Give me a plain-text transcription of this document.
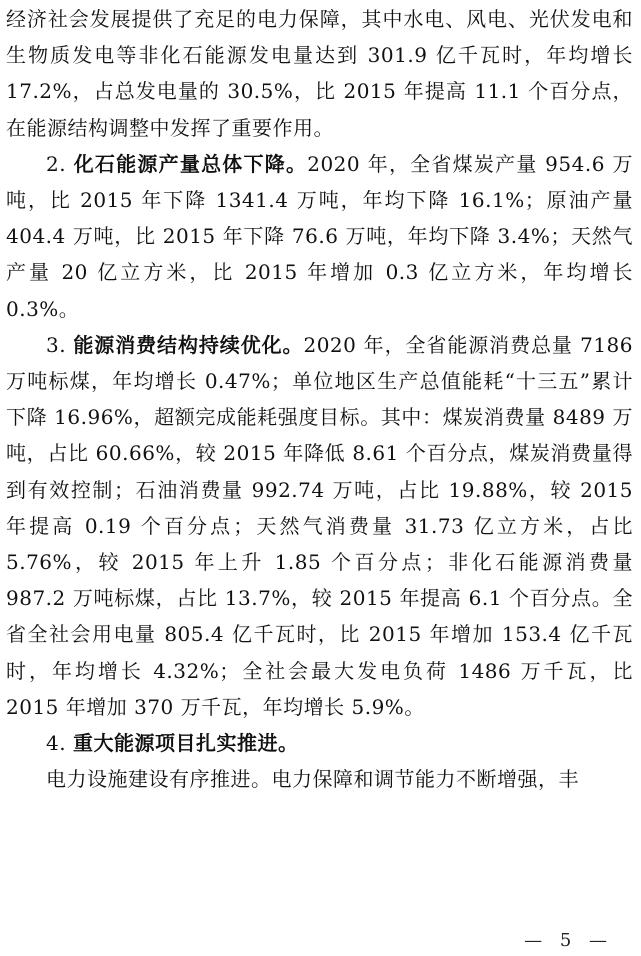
经济社会发展提供了充足的电力保障，其中水电、风电、光伏发电和生物质发电等非化石能源发电量达到 301.9 亿千瓦时，年均增长 17.2%，占总发电量的 30.5%，比 2015 年提高 11.1 个百分点，在能源结构调整中发挥了重要作用。

2. 化石能源产量总体下降。2020 年，全省煤炭产量 954.6 万吨，比 2015 年下降 1341.4 万吨，年均下降 16.1%；原油产量 404.4 万吨，比 2015 年下降 76.6 万吨，年均下降 3.4%；天然气产量 20 亿立方米，比 2015 年增加 0.3 亿立方米，年均增长 0.3%。

3. 能源消费结构持续优化。2020 年，全省能源消费总量 7186 万吨标煤，年均增长 0.47%；单位地区生产总值能耗“十三五”累计下降 16.96%，超额完成能耗强度目标。其中：煤炭消费量 8489 万吨，占比 60.66%，较 2015 年降低 8.61 个百分点，煤炭消费量得到有效控制；石油消费量 992.74 万吨，占比 19.88%，较 2015 年提高 0.19 个百分点；天然气消费量 31.73 亿立方米，占比 5.76%，较 2015 年上升 1.85 个百分点；非化石能源消费量 987.2 万吨标煤，占比 13.7%，较 2015 年提高 6.1 个百分点。全省全社会用电量 805.4 亿千瓦时，比 2015 年增加 153.4 亿千瓦时，年均增长 4.32%；全社会最大发电负荷 1486 万千瓦，比 2015 年增加 370 万千瓦，年均增长 5.9%。

4. 重大能源项目扎实推进。

电力设施建设有序推进。电力保障和调节能力不断增强，丰

— 5 —
